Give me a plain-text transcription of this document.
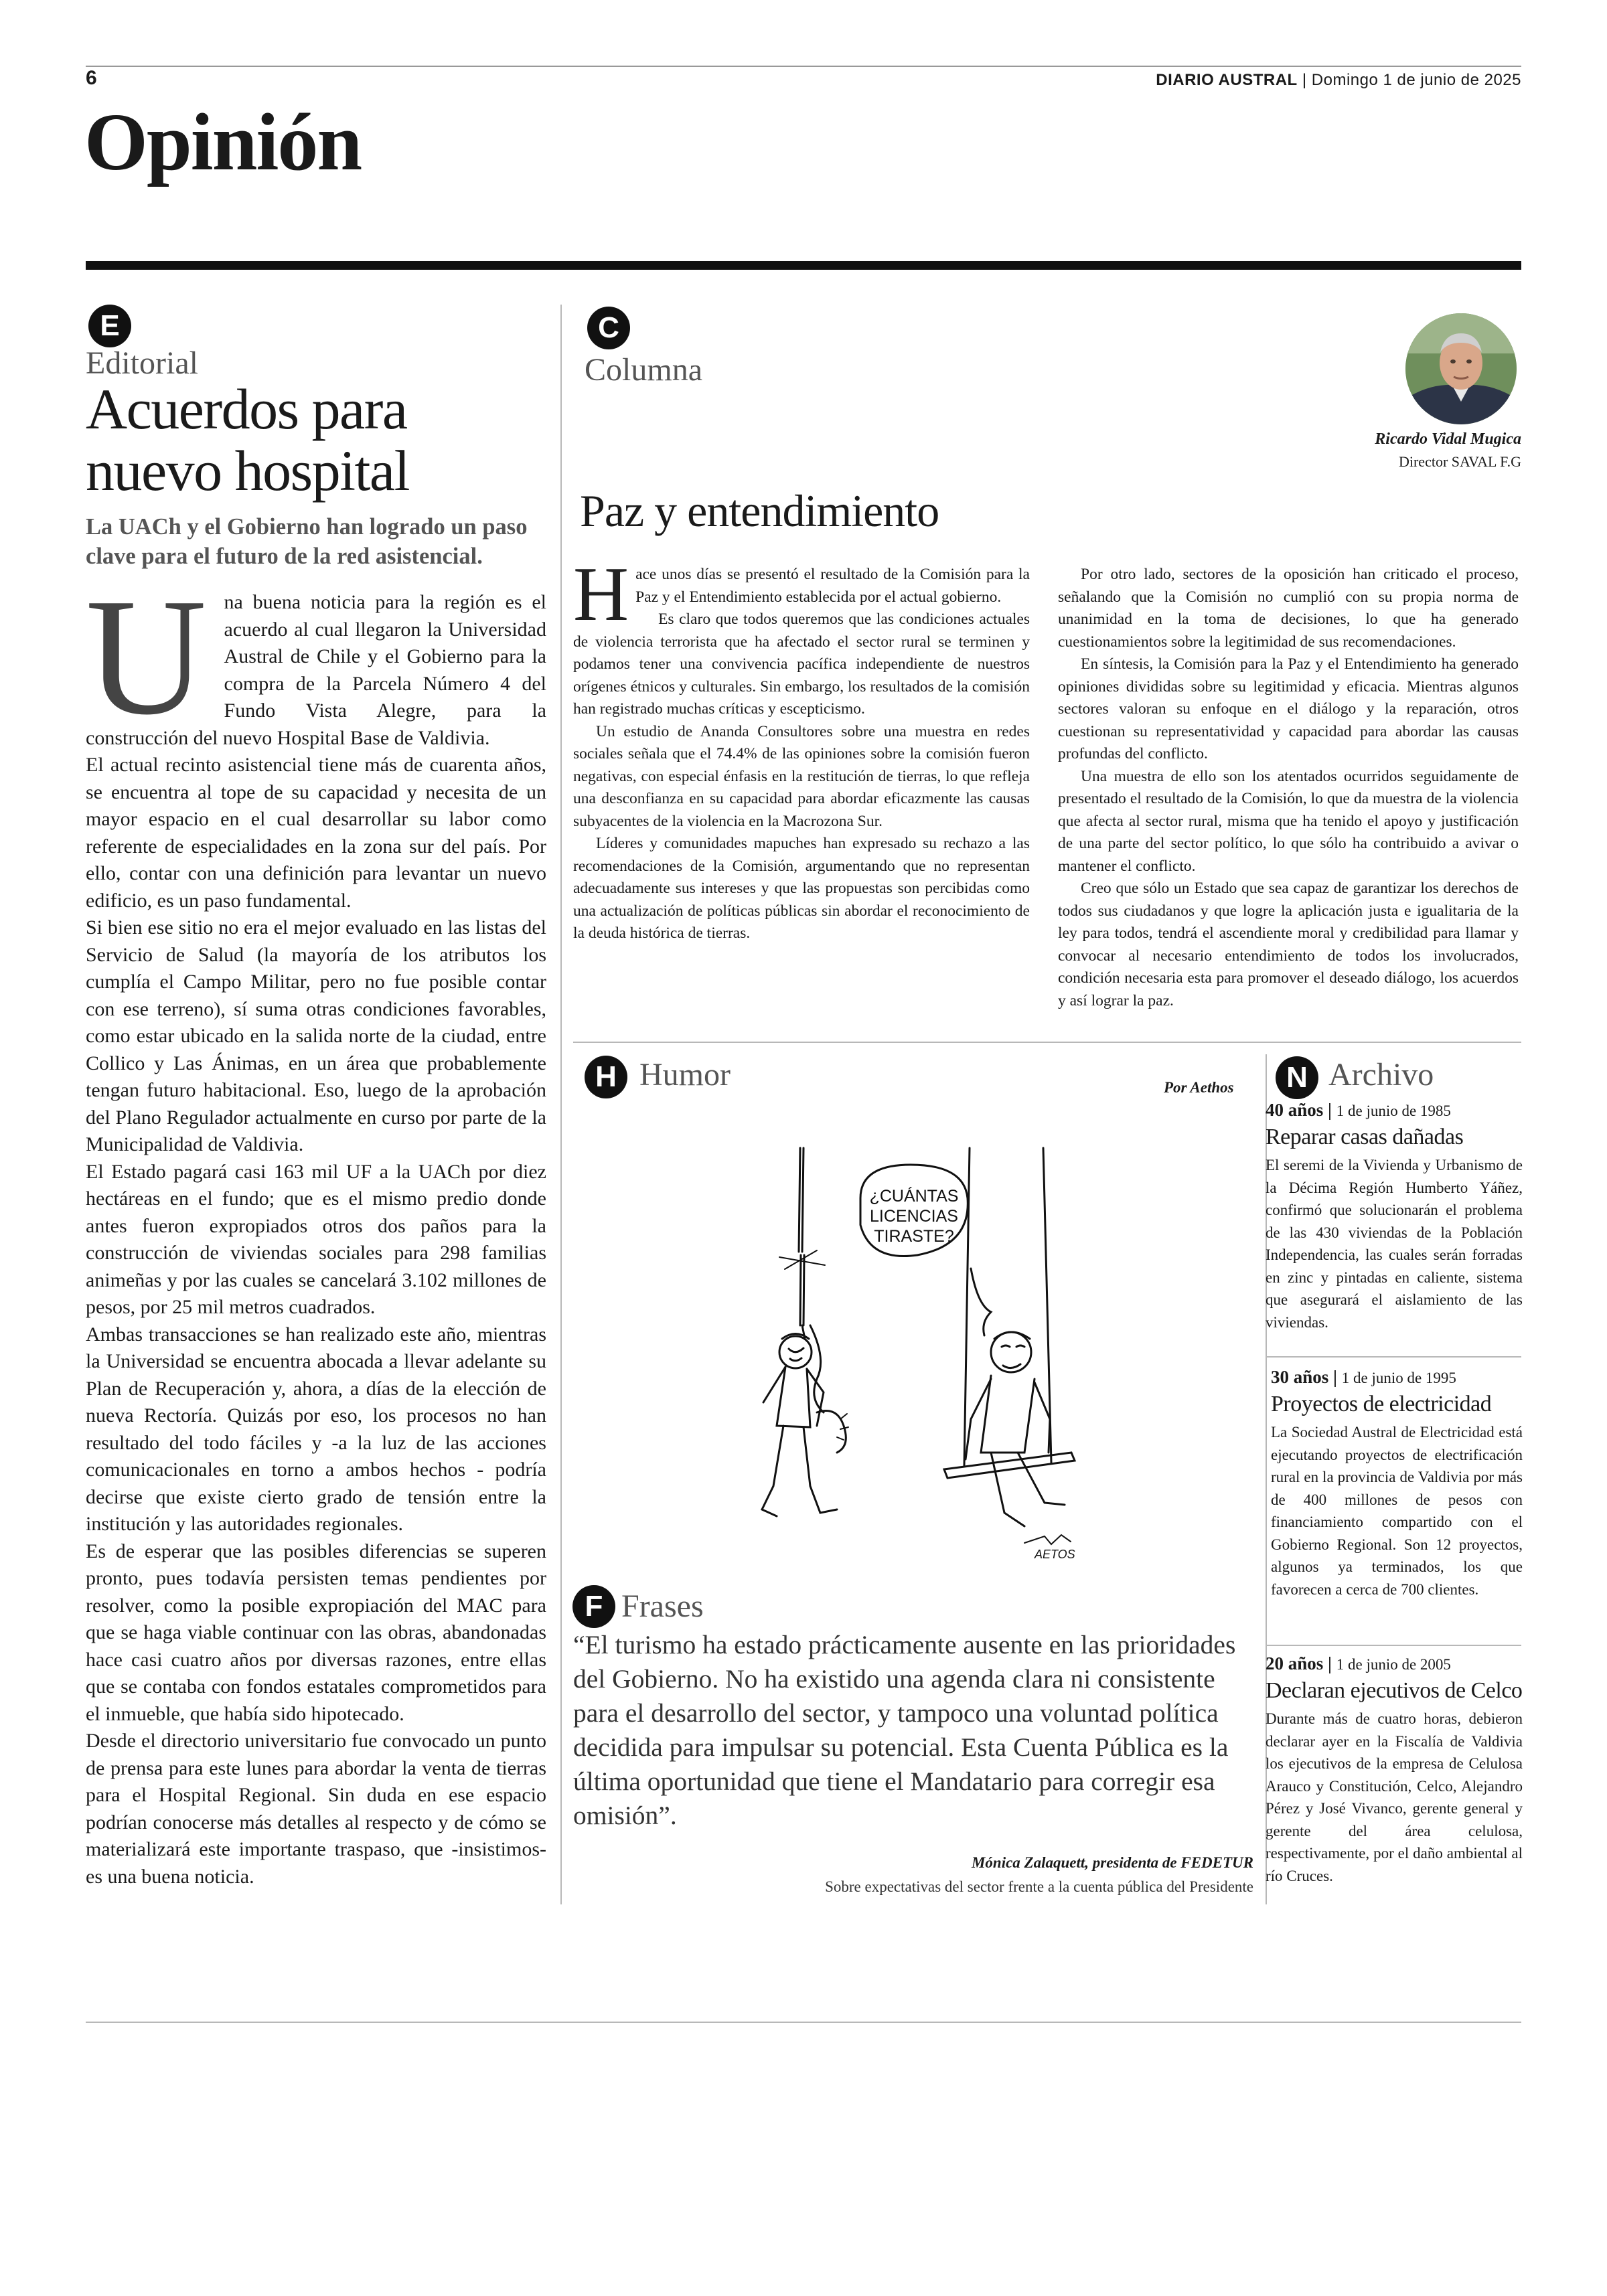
6	DIARIO AUSTRAL | Domingo 1 de junio de 2025
Opinión
E
Editorial
Acuerdos para
nuevo hospital
La UACh y el Gobierno han logrado un paso clave para el futuro de la red asistencial.
U na buena noticia para la región es el acuerdo al cual llegaron la Universidad Austral de Chile y el Gobierno para la compra de la Parcela Número 4 del Fundo Vista Alegre, para la construcción del nuevo Hospital Base de Valdivia.

El actual recinto asistencial tiene más de cuarenta años, se encuentra al tope de su capacidad y necesita de un mayor espacio en el cual desarrollar su labor como referente de especialidades en la zona sur del país. Por ello, contar con una definición para levantar un nuevo edificio, es un paso fundamental.

Si bien ese sitio no era el mejor evaluado en las listas del Servicio de Salud (la mayoría de los atributos los cumplía el Campo Militar, pero no fue posible contar con ese terreno), sí suma otras condiciones favorables, como estar ubicado en la salida norte de la ciudad, entre Collico y Las Ánimas, en un área que probablemente tengan futuro habitacional. Eso, luego de la aprobación del Plano Regulador actualmente en curso por parte de la Municipalidad de Valdivia.

El Estado pagará casi 163 mil UF a la UACh por diez hectáreas en el fundo; que es el mismo predio donde antes fueron expropiados otros dos paños para la construcción de viviendas sociales para 298 familias animeñas y por las cuales se cancelará 3.102 millones de pesos, por 25 mil metros cuadrados.

Ambas transacciones se han realizado este año, mientras la Universidad se encuentra abocada a llevar adelante su Plan de Recuperación y, ahora, a días de la elección de nueva Rectoría. Quizás por eso, los procesos no han resultado del todo fáciles y -a la luz de las acciones comunicacionales en torno a ambos hechos - podría decirse que existe cierto grado de tensión entre la institución y las autoridades regionales.

Es de esperar que las posibles diferencias se superen pronto, pues todavía persisten temas pendientes por resolver, como la posible expropiación del MAC para que se haga viable continuar con las obras, abandonadas hace casi cuatro años por diversas razones, entre ellas que se contaba con fondos estatales comprometidos para el inmueble, que había sido hipotecado.

Desde el directorio universitario fue convocado un punto de prensa para este lunes para abordar la venta de tierras para el Hospital Regional. Sin duda en ese espacio podrían conocerse más detalles al respecto y de cómo se materializará este importante traspaso, que -insistimos- es una buena noticia.

C
Columna
Ricardo Vidal Mugica
Director SAVAL F.G
Paz y entendimiento
H ace unos días se presentó el resultado de la Comisión para la Paz y el Entendimiento establecida por el actual gobierno.

Es claro que todos queremos que las condiciones actuales de violencia terrorista que ha afectado el sector rural se terminen y podamos tener una convivencia pacífica independiente de nuestros orígenes étnicos y culturales. Sin embargo, los resultados de la comisión han registrado muchas críticas y escepticismo.

Un estudio de Ananda Consultores sobre una muestra en redes sociales señala que el 74.4% de las opiniones sobre la comisión fueron negativas, con especial énfasis en la restitución de tierras, lo que refleja una desconfianza en su capacidad para abordar eficazmente las causas subyacentes de la violencia en la Macrozona Sur.

Líderes y comunidades mapuches han expresado su rechazo a las recomendaciones de la Comisión, argumentando que no representan adecuadamente sus intereses y que las propuestas son percibidas como una actualización de políticas públicas sin abordar el reconocimiento de la deuda histórica de tierras.

Por otro lado, sectores de la oposición han criticado el proceso, señalando que la Comisión no cumplió con su propia norma de unanimidad en la toma de decisiones, lo que ha generado cuestionamientos sobre la legitimidad de sus recomendaciones.

En síntesis, la Comisión para la Paz y el Entendimiento ha generado opiniones divididas sobre su legitimidad y eficacia. Mientras algunos sectores valoran su enfoque en el diálogo y la reparación, otros cuestionan su representatividad y capacidad para abordar las causas profundas del conflicto.

Una muestra de ello son los atentados ocurridos seguidamente de presentado el resultado de la Comisión, lo que da muestra de la violencia que afecta al sector rural, misma que ha tenido el apoyo y justificación de una parte del sector político, lo que sólo ha contribuido a avivar o mantener el conflicto.

Creo que sólo un Estado que sea capaz de garantizar los derechos de todos sus ciudadanos y que logre la aplicación justa e igualitaria de la ley para todos, tendrá el ascendiente moral y credibilidad para llamar y convocar al necesario entendimiento de todos los involucrados, condición necesaria esta para promover el deseado diálogo, los acuerdos y así lograr la paz.

H Humor	Por Aethos
¿CUÁNTAS
LICENCIAS
TIRASTE?
AETOS
F Frases
“El turismo ha estado prácticamente ausente en las prioridades del Gobierno. No ha existido una agenda clara ni consistente para el desarrollo del sector, y tampoco una voluntad política decidida para impulsar su potencial. Esta Cuenta Pública es la última oportunidad que tiene el Mandatario para corregir esa omisión”.
Mónica Zalaquett, presidenta de FEDETUR
Sobre expectativas del sector frente a la cuenta pública del Presidente
N Archivo
40 años | 1 de junio de 1985
Reparar casas dañadas
El seremi de la Vivienda y Urbanismo de la Décima Región Humberto Yáñez, confirmó que solucionarán el problema de las 430 viviendas de la Población Independencia, las cuales serán forradas en zinc y pintadas en caliente, sistema que asegurará el aislamiento de las viviendas.
30 años | 1 de junio de 1995
Proyectos de electricidad
La Sociedad Austral de Electricidad está ejecutando proyectos de electrificación rural en la provincia de Valdivia por más de 400 millones de pesos con financiamiento compartido con el Gobierno Regional. Son 12 proyectos, algunos ya terminados, los que favorecen a cerca de 700 clientes.
20 años | 1 de junio de 2005
Declaran ejecutivos de Celco
Durante más de cuatro horas, debieron declarar ayer en la Fiscalía de Valdivia los ejecutivos de la empresa de Celulosa Arauco y Constitución, Celco, Alejandro Pérez y José Vivanco, gerente general y gerente del área celulosa, respectivamente, por el daño ambiental al río Cruces.
